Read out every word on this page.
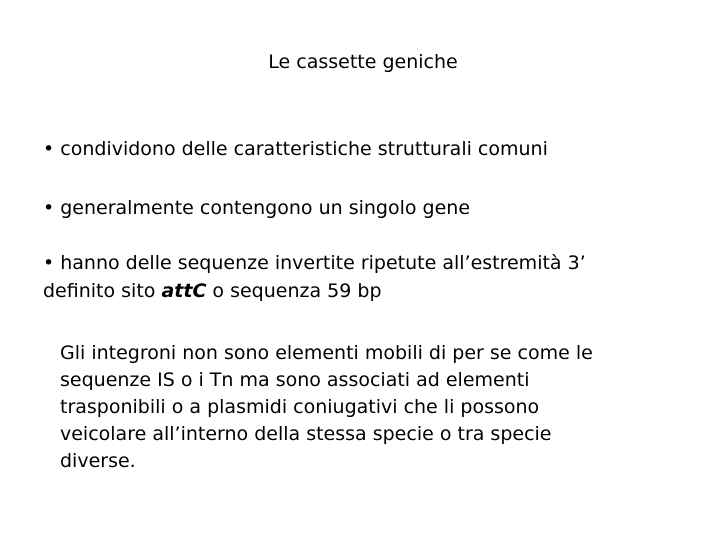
Le cassette geniche
• condividono delle caratteristiche strutturali comuni
• generalmente contengono un singolo gene
• hanno delle sequenze invertite ripetute all’estremità 3’
definito sito attC o sequenza 59 bp
Gli integroni non sono elementi mobili di per se come le
sequenze IS o i Tn ma sono associati ad elementi
trasponibili o a plasmidi coniugativi che li possono
veicolare all’interno della stessa specie o tra specie
diverse.
